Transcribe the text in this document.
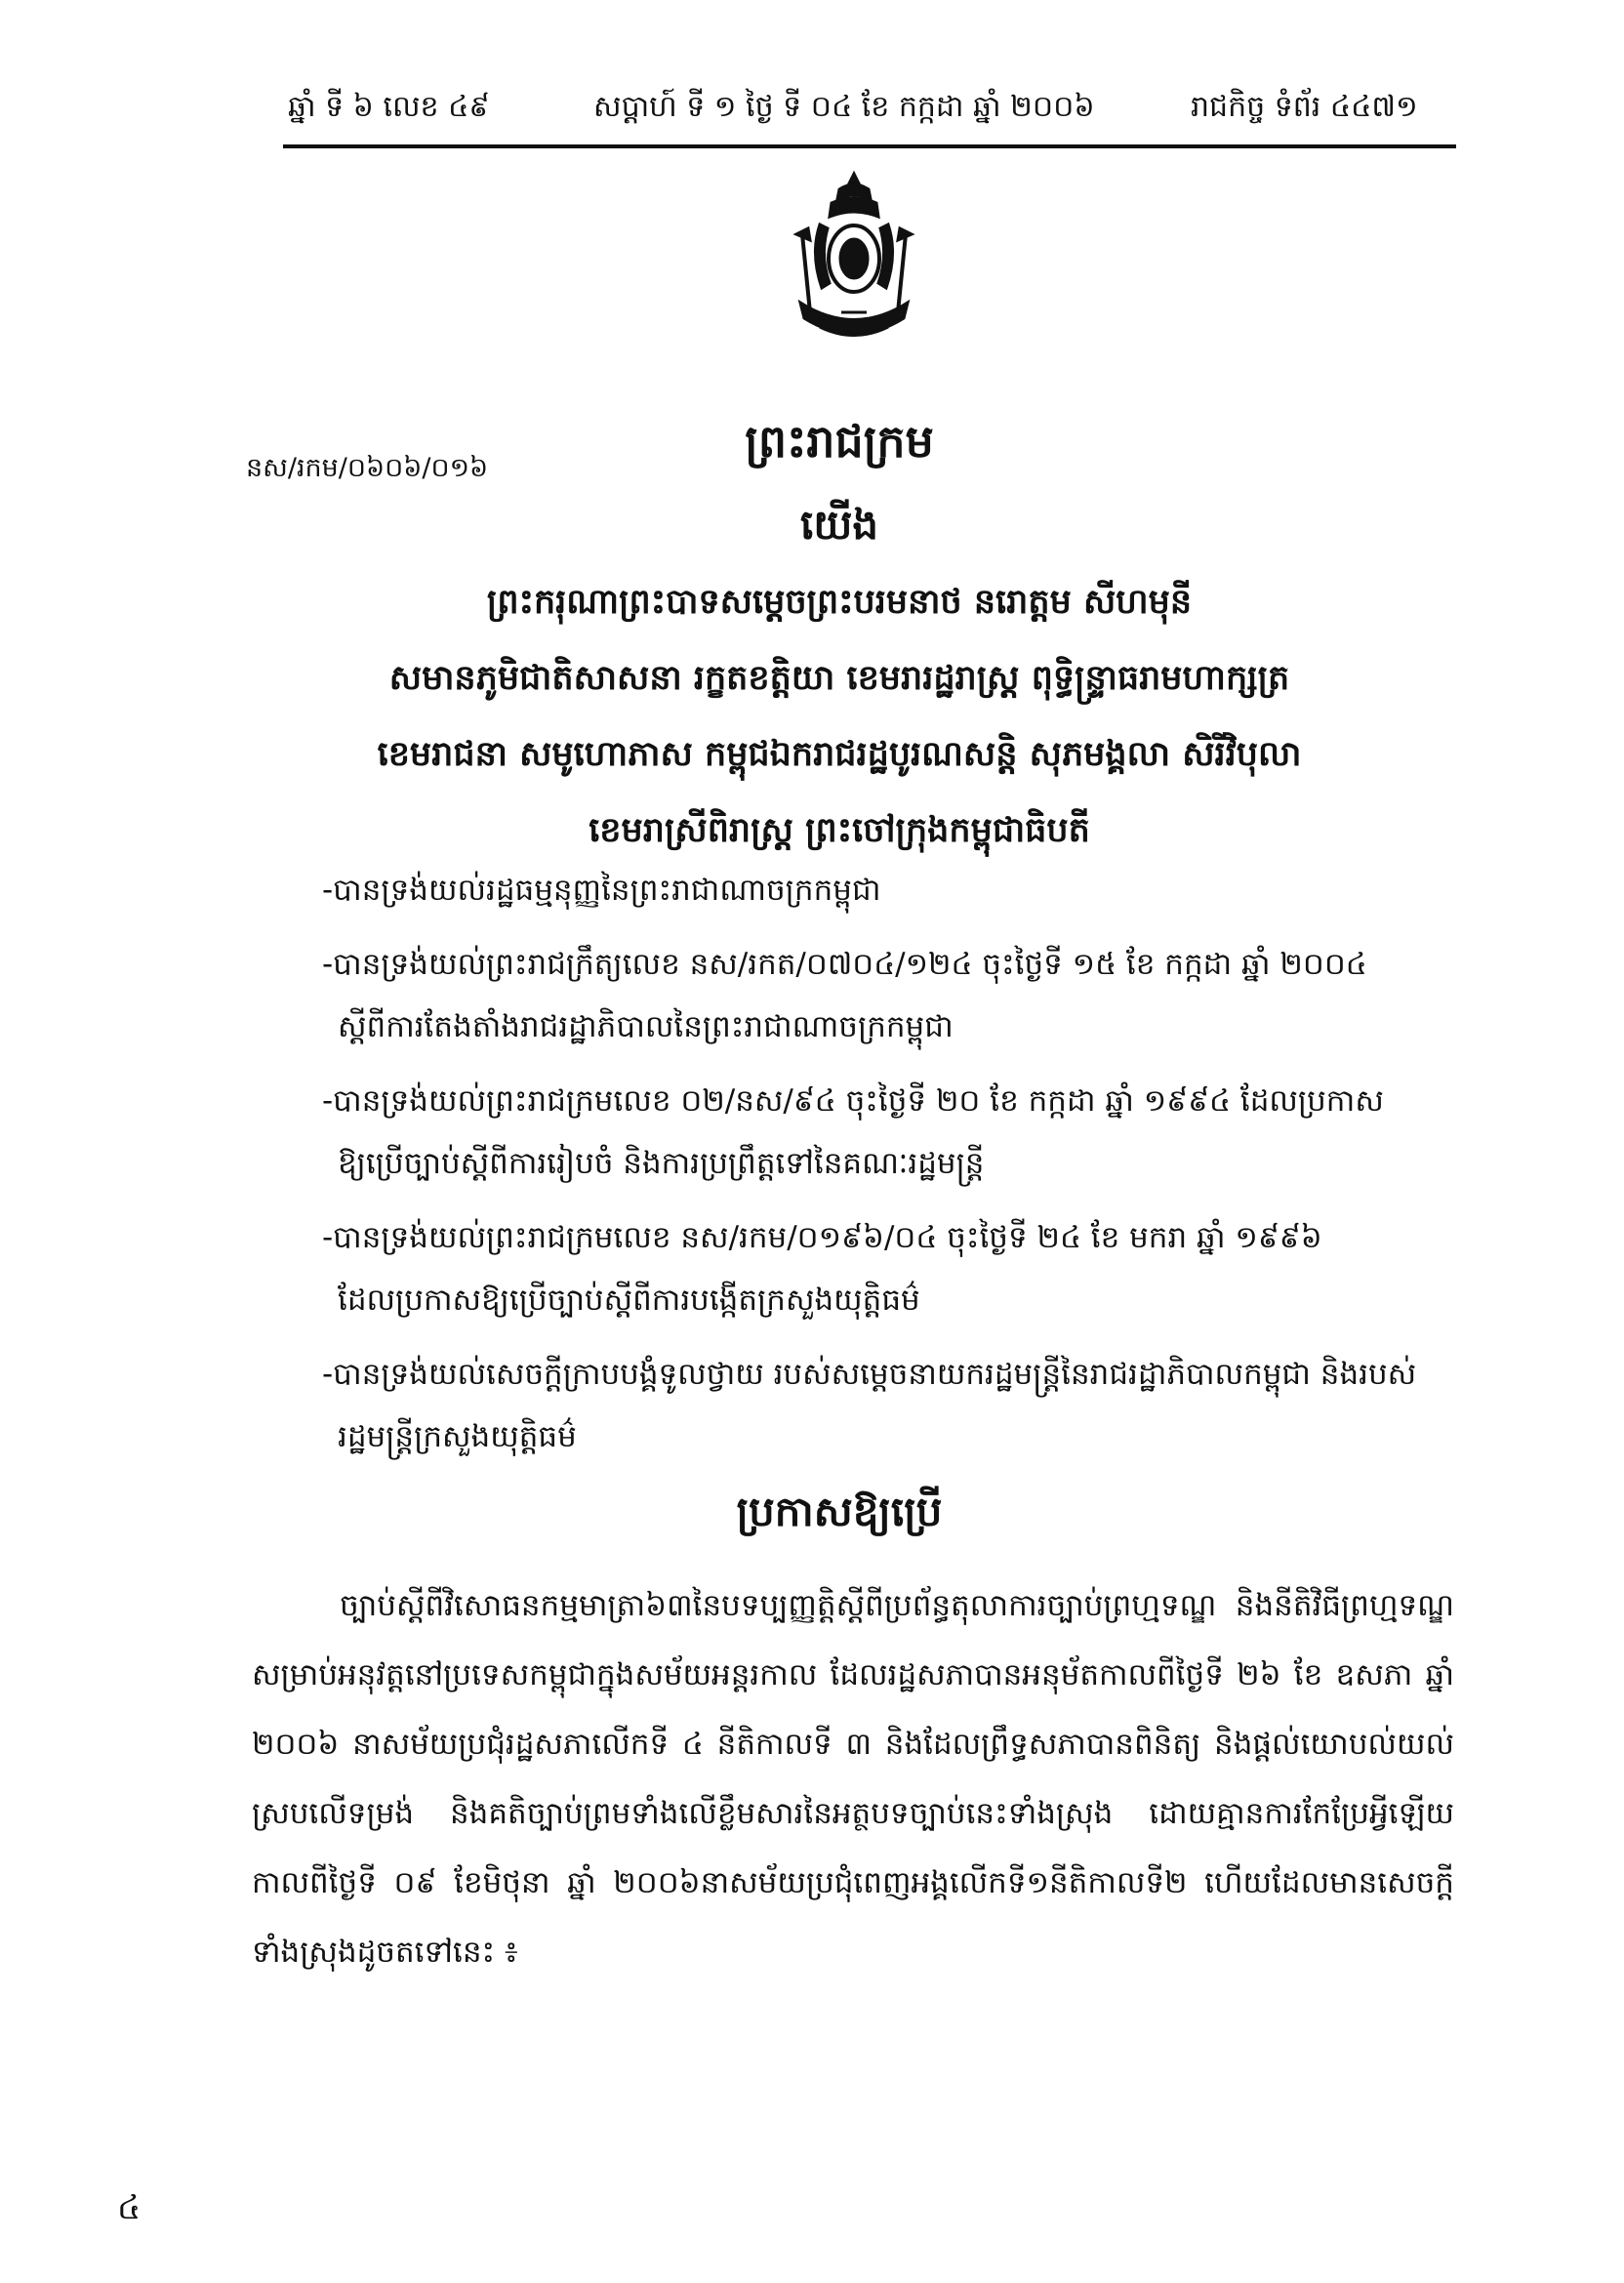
ឆ្នាំ ទី ៦ លេខ ៤៩	សប្តាហ៍ ទី ១ ថ្ងៃ ទី ០៤ ខែ កក្កដា ឆ្នាំ ២០០៦	រាជកិច្ច ទំព័រ ៤៤៧១
នស/រកម/០៦០៦/០១៦
ព្រះរាជក្រម
យើង
ព្រះករុណាព្រះបាទសម្តេចព្រះបរមនាថ នរោត្តម សីហមុនី
សមានភូមិជាតិសាសនា រក្ខតខត្តិយា ខេមរារដ្ឋរាស្ត្រ ពុទ្ធិន្ទ្រាធរាមហាក្សត្រ
ខេមរាជនា សមូហោភាស កម្ពុជឯករាជរដ្ឋបូរណសន្តិ សុភមង្គលា សិរីវិបុលា
ខេមរាស្រីពិរាស្ត្រ ព្រះចៅក្រុងកម្ពុជាធិបតី
-បានទ្រង់យល់រដ្ឋធម្មនុញ្ញនៃព្រះរាជាណាចក្រកម្ពុជា
-បានទ្រង់យល់ព្រះរាជក្រឹត្យលេខ នស/រកត/០៧០៤/១២៤ ចុះថ្ងៃទី ១៥ ខែ កក្កដា ឆ្នាំ ២០០៤
ស្តីពីការតែងតាំងរាជរដ្ឋាភិបាលនៃព្រះរាជាណាចក្រកម្ពុជា
-បានទ្រង់យល់ព្រះរាជក្រមលេខ ០២/នស/៩៤ ចុះថ្ងៃទី ២០ ខែ កក្កដា ឆ្នាំ ១៩៩៤ ដែលប្រកាស
ឱ្យប្រើច្បាប់ស្តីពីការរៀបចំ និងការប្រព្រឹត្តទៅនៃគណៈរដ្ឋមន្ត្រី
-បានទ្រង់យល់ព្រះរាជក្រមលេខ នស/រកម/០១៩៦/០៤ ចុះថ្ងៃទី ២៤ ខែ មករា ឆ្នាំ ១៩៩៦
ដែលប្រកាសឱ្យប្រើច្បាប់ស្តីពីការបង្កើតក្រសួងយុត្តិធម៌
-បានទ្រង់យល់សេចក្តីក្រាបបង្គំទូលថ្វាយ របស់សម្តេចនាយករដ្ឋមន្ត្រីនៃរាជរដ្ឋាភិបាលកម្ពុជា និងរបស់
រដ្ឋមន្ត្រីក្រសួងយុត្តិធម៌
ប្រកាសឱ្យប្រើ
ច្បាប់ស្តីពីវិសោធនកម្មមាត្រា៦៣នៃបទប្បញ្ញត្តិស្តីពីប្រព័ន្ធតុលាការច្បាប់ព្រហ្មទណ្ឌ និងនីតិវិធីព្រហ្មទណ្ឌ សម្រាប់អនុវត្តនៅប្រទេសកម្ពុជាក្នុងសម័យអន្តរកាល ដែលរដ្ឋសភាបានអនុម័តកាលពីថ្ងៃទី ២៦ ខែ ឧសភា ឆ្នាំ ២០០៦ នាសម័យប្រជុំរដ្ឋសភាលើកទី ៤ នីតិកាលទី ៣ និងដែលព្រឹទ្ធសភាបានពិនិត្យ និងផ្តល់យោបល់យល់ស្របលើទម្រង់ និងគតិច្បាប់ព្រមទាំងលើខ្លឹមសារនៃអត្ថបទច្បាប់នេះទាំងស្រុង ដោយគ្មានការកែប្រែអ្វីឡើយ កាលពីថ្ងៃទី ០៩ ខែមិថុនា ឆ្នាំ ២០០៦នាសម័យប្រជុំពេញអង្គលើកទី១នីតិកាលទី២ ហើយដែលមានសេចក្តីទាំងស្រុងដូចតទៅនេះ ៖
៤
